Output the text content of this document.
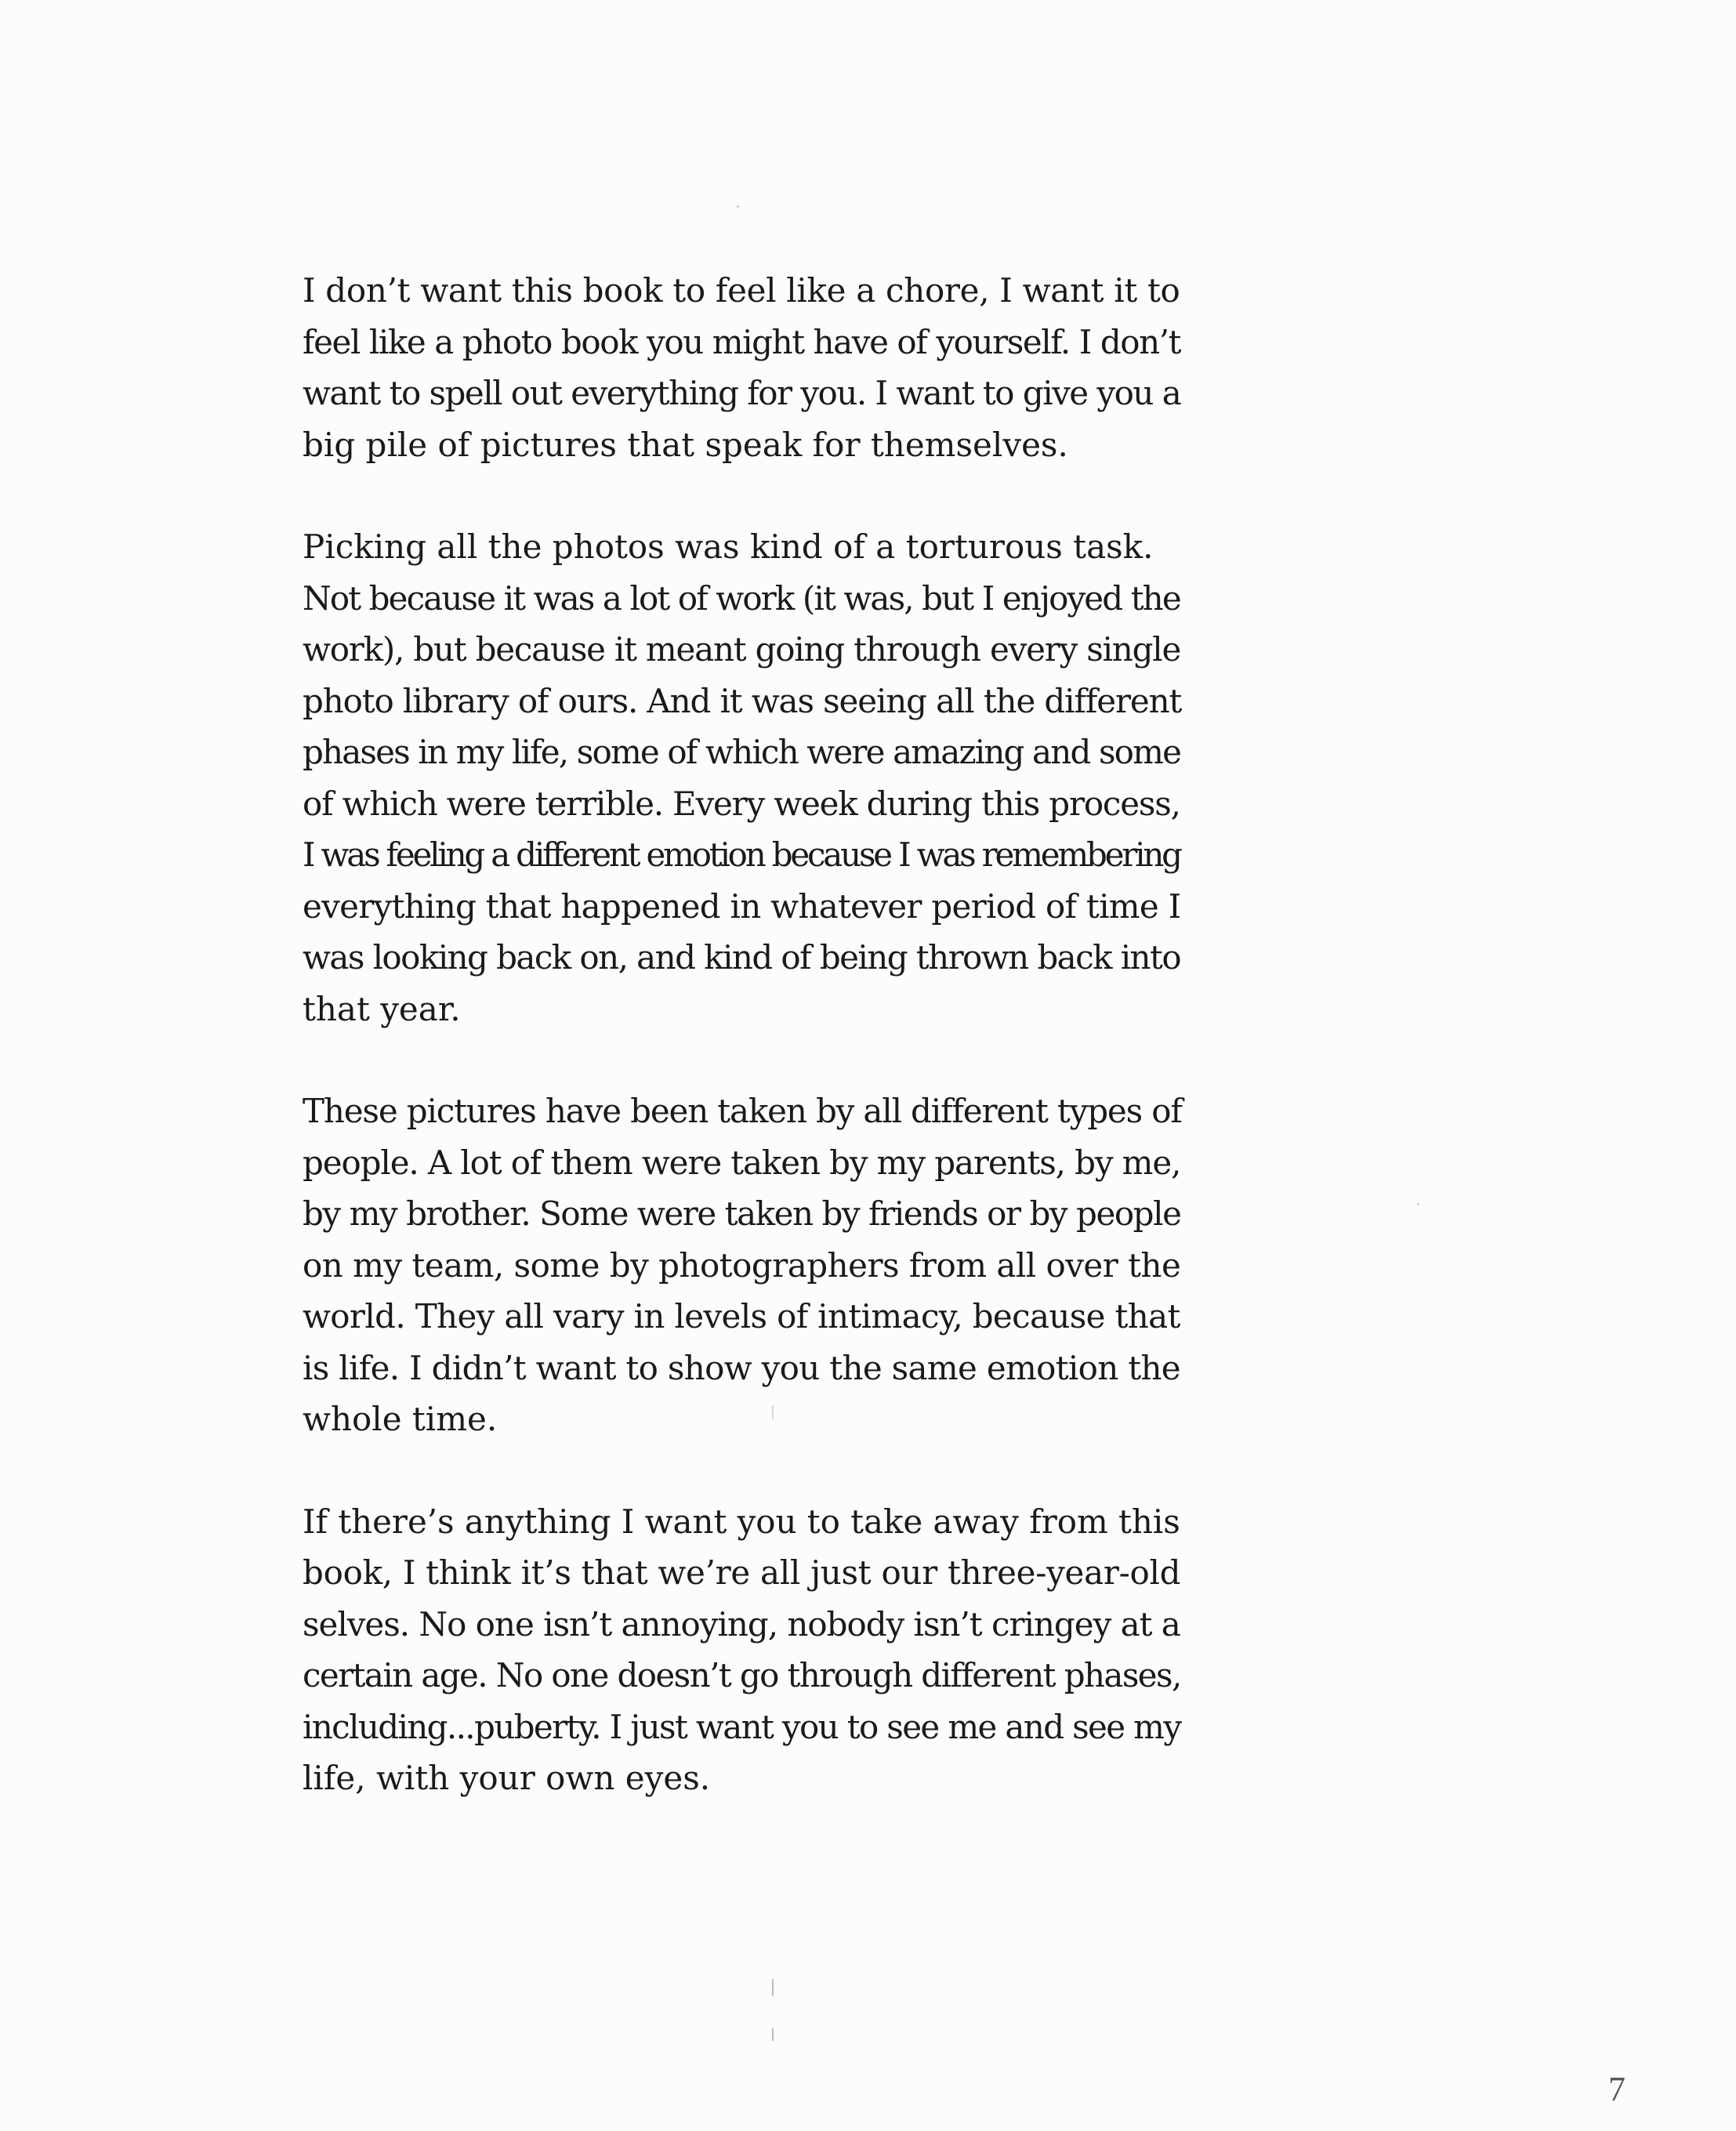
I don’t want this book to feel like a chore, I want it to
feel like a photo book you might have of yourself. I don’t
want to spell out everything for you. I want to give you a
big pile of pictures that speak for themselves.

Picking all the photos was kind of a torturous task.
Not because it was a lot of work (it was, but I enjoyed the
work), but because it meant going through every single
photo library of ours. And it was seeing all the different
phases in my life, some of which were amazing and some
of which were terrible. Every week during this process,
I was feeling a different emotion because I was remembering
everything that happened in whatever period of time I
was looking back on, and kind of being thrown back into
that year.

These pictures have been taken by all different types of
people. A lot of them were taken by my parents, by me,
by my brother. Some were taken by friends or by people
on my team, some by photographers from all over the
world. They all vary in levels of intimacy, because that
is life. I didn’t want to show you the same emotion the
whole time.

If there’s anything I want you to take away from this
book, I think it’s that we’re all just our three-year-old
selves. No one isn’t annoying, nobody isn’t cringey at a
certain age. No one doesn’t go through different phases,
including...puberty. I just want you to see me and see my
life, with your own eyes.

7
